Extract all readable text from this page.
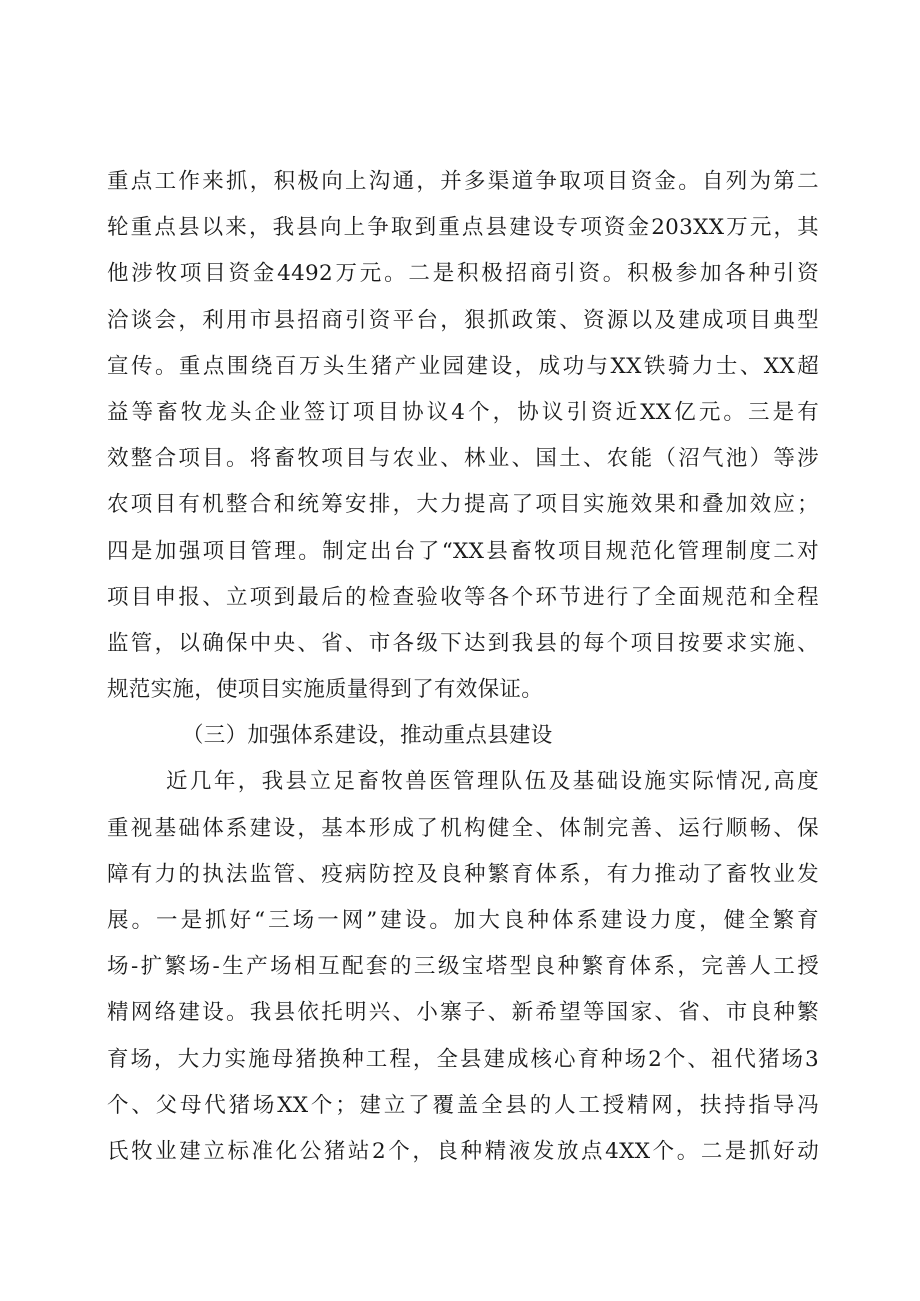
重点工作来抓，积极向上沟通，并多渠道争取项目资金。自列为第二
轮重点县以来，我县向上争取到重点县建设专项资金203XX万元，其
他涉牧项目资金4492万元。二是积极招商引资。积极参加各种引资
洽谈会，利用市县招商引资平台，狠抓政策、资源以及建成项目典型
宣传。重点围绕百万头生猪产业园建设，成功与XX铁骑力士、XX超
益等畜牧龙头企业签订项目协议4个，协议引资近XX亿元。三是有
效整合项目。将畜牧项目与农业、林业、国土、农能（沼气池）等涉
农项目有机整合和统筹安排，大力提高了项目实施效果和叠加效应；
四是加强项目管理。制定出台了“XX县畜牧项目规范化管理制度二对
项目申报、立项到最后的检查验收等各个环节进行了全面规范和全程
监管，以确保中央、省、市各级下达到我县的每个项目按要求实施、
规范实施，使项目实施质量得到了有效保证。
（三）加强体系建设，推动重点县建设
近几年，我县立足畜牧兽医管理队伍及基础设施实际情况,高度
重视基础体系建设，基本形成了机构健全、体制完善、运行顺畅、保
障有力的执法监管、疫病防控及良种繁育体系，有力推动了畜牧业发
展。一是抓好“三场一网”建设。加大良种体系建设力度，健全繁育
场-扩繁场-生产场相互配套的三级宝塔型良种繁育体系，完善人工授
精网络建设。我县依托明兴、小寨子、新希望等国家、省、市良种繁
育场，大力实施母猪换种工程，全县建成核心育种场2个、祖代猪场3
个、父母代猪场XX个；建立了覆盖全县的人工授精网，扶持指导冯
氏牧业建立标准化公猪站2个，良种精液发放点4XX个。二是抓好动
